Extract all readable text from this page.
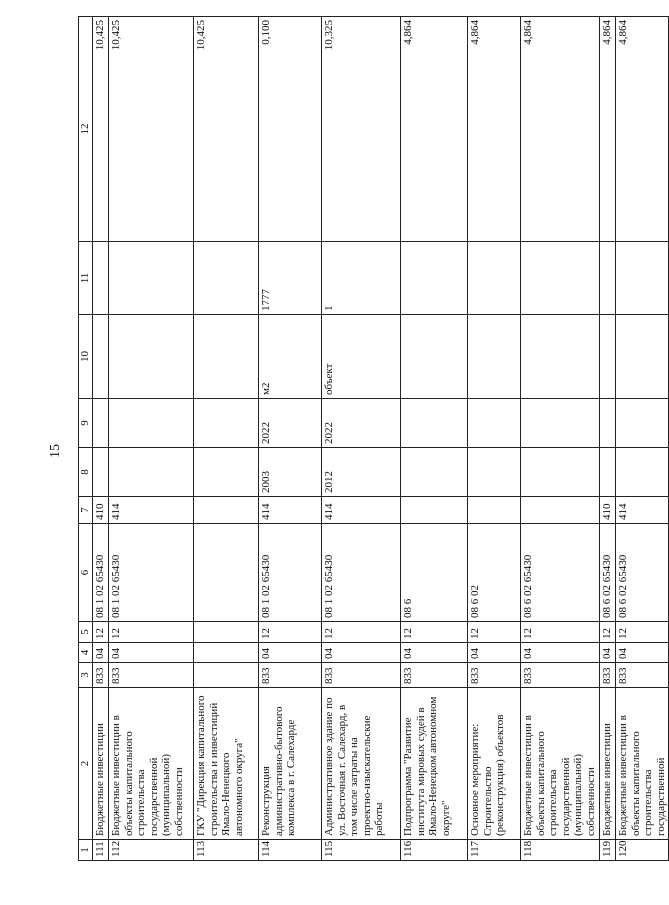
15
1	2	3	4	5	6	7	8	9	10	11	12
111	Бюджетные инвестиции	833	04	12	08 1 02 65430	410					10,425
112	Бюджетные инвестиции в объекты капитального строительства государственной (муниципальной) собственности	833	04	12	08 1 02 65430	414					10,425
113	ГКУ "Дирекция капитального строительства и инвестиций Ямало-Ненецкого автономного округа"										10,425
114	Реконструкция административно-бытового комплекса в г. Салехарде	833	04	12	08 1 02 65430	414	2003	2022	м2	1777	0,100
115	Административное здание по ул. Восточная г. Салехард, в том числе затраты на проектно-изыскательские работы	833	04	12	08 1 02 65430	414	2012	2022	объект	1	10,325
116	Подпрограмма "Развитие института мировых судей в Ямало-Ненецком автономном округе"	833	04	12	08 6						4,864
117	Основное мероприятие: Строительство (реконструкция) объектов	833	04	12	08 6 02						4,864
118	Бюджетные инвестиции в объекты капитального строительства государственной (муниципальной) собственности	833	04	12	08 6 02 65430						4,864
119	Бюджетные инвестиции	833	04	12	08 6 02 65430	410					4,864
120	Бюджетные инвестиции в объекты капитального строительства государственной	833	04	12	08 6 02 65430	414					4,864
